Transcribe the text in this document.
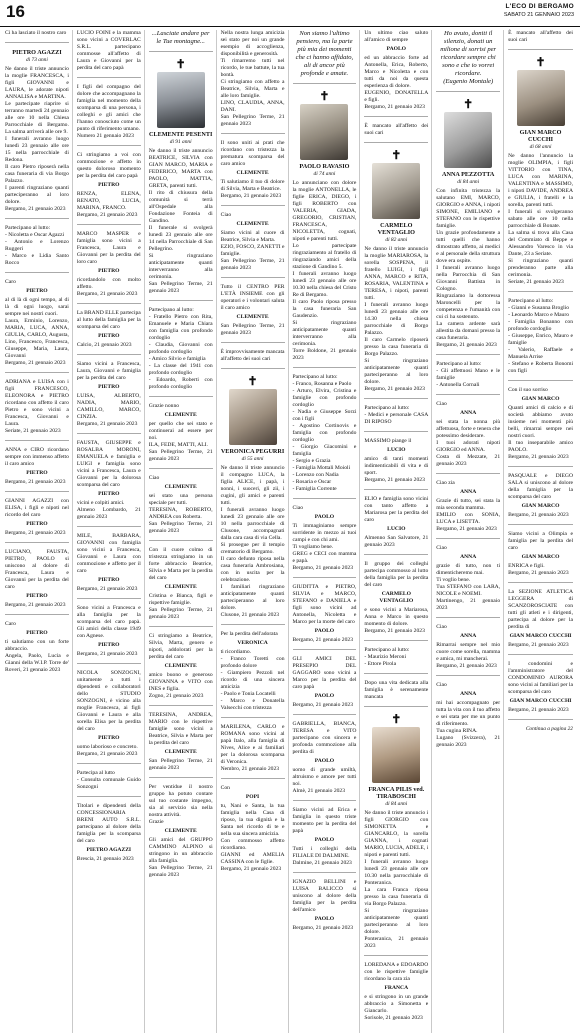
16	L'ECO DI BERGAMO
SABATO 21 GENNAIO 2023
Ci ha lasciato il nostro caro
PIETRO AGAZZI
di 73 anni
Ne danno il triste annuncio la moglie FRANCESCA, i figli GIOVANNI e LAURA, le adorate nipoti ANNALISA e MARTINA.
Le partecipate riaprire si terranno martedì 24 gennaio alle ore 10 nella Chiesa Parrocchiale di Bergamo. La salma arriverà alle ore 9.
I funerali avranno luogo lunedì 23 gennaio alle ore 15 nella parrocchiale di Redona.
Il caro Pietro riposerà nella casa funeraria di via Borgo Palazzo.
I parenti ringraziano quanti parteciperanno al loro dolore.
Bergamo, 21 gennaio 2023
Partecipano al lutto:
- Nicoletta e Oscar Agazzi
- Antonio e Lorenzo Ruggeri
- Marco e Lidia Santo Rocco
Caro
PIETRO
al di là di ogni tempo, al di là di ogni luogo, sarai sempre nei nostri cuori.
Laura, Erminio, Lorenzo, MARIA, LUCA, ANNA, GIULIA, CARLO, Augusta, Lino, Francesco, Francesca, Giuseppe, Maria, Laura, Giovanni
Bergamo, 21 gennaio 2023
ADRIANA e LUISA con i figli FRANCESCO, ELEONORA e PIETRO ricordano con affetto il caro Pietro e sono vicini a Francesca, Giovanni e Laura.
Seriate, 21 gennaio 2023
ANNA e CIRO ricordano sempre con immenso affetto il caro amico
PIETRO
Bergamo, 21 gennaio 2023
GIANNI AGAZZI con ELISA, i figli e nipoti nel ricordo del caro
PIETRO
Bergamo, 21 gennaio 2023
LUCIANO, FAUSTA, PIETRO, PAOLO si uniscono al dolore di Francesca, Laura e Giovanni per la perdita del caro
PIETRO
Bergamo, 21 gennaio 2023
Caro
PIETRO
ti salutiamo con un forte abbraccio.
Angela, Paolo, Lucia e Gianni della W.I.P. Torre de' Roveri, 21 gennaio 2023
LUCIO FOINI e la mamma sono vicini a COVERLAC S.R.L. partecipano commosse all'affetto di Laura e Giovanni per la perdita del caro papà
I figli del compagno del dolore che accompagnano la famiglia nel momento della scomparsa di una persona, i colleghi e gli amici che l'hanno conosciuto come un punto di riferimento umano.
Numero 21 gennaio 2023
Ci stringiamo a voi con commozione e affetto in questo doloroso momento per la perdita del caro papà
PIETRO
RENZA, ELENA, RENATO, LUCIA, MARINA, FRANCO.
Bergamo, 21 gennaio 2023
MARCO MASPER e famiglia sono vicini a Francesca, Laura e Giovanni per la perdita del loro caro
PIETRO
ricordandolo con molto affetto.
Bergamo, 21 gennaio 2023
La BRAND ELLE partecipa al lutto della famiglia per la scomparsa del caro
PIETRO
Calcio, 21 gennaio 2023
Siamo vicini a Francesca, Laura, Giovanni e famiglia per la perdita del caro
PIETRO
LUISA, ALBERTO, NADIA, MARIO, CAMILLO, MARCO, CINZIA.
Bergamo, 21 gennaio 2023
FAUSTA, GIUSEPPE e ROSALBA MORONI, EMANUELA e famiglia e LUIGI e famiglia sono vicini a Francesca, Laura e Giovanni per la dolorosa scomparsa del caro
PIETRO
vicini e colpiti amici.
Almeno Lombardo, 21 gennaio 2023
MILE, BARBARA, GIOVANNI con famiglia sono vicini a Francesca, Giovanni e Laura con commozione e affetto per il caro
PIETRO
Bergamo, 21 gennaio 2023
Sono vicini a Francesca e alla famiglia per la scomparsa del caro papà. Gli amici della classe 1949 con Agnese.
PIETRO
Bergamo, 21 gennaio 2023
NICOLA SONZOGNI, unitamente a tutti i dipendenti e collaboratori dello STUDIO SONZOGNI, è vicino alla moglie Francesca, ai figli Giovanni e Laura e alla sorella Elisa per la perdita del caro
PIETRO
uomo laborioso e concreto.
Bergamo, 21 gennaio 2023
Partecipa al lutto
- Consulta comunale Guido Sonzogni
Titolari e dipendenti della CONCESSIONARIA BRENI AUTO S.R.L. partecipano al dolore della famiglia per la scomparsa del caro
PIETRO AGAZZI
Brescia, 21 gennaio 2023
...Lasciate andare per le Tue montagne...
✝
CLEMENTE PESENTI
di 91 anni
Ne danno il triste annuncio BEATRICE, SILVIA con GIAN MARCO, MARIA e FEDERICO, MARTA con PAOLO, MATTIA, GRETA, parenti tutti.
Il rito di chiusura della comunità si terrà all'Ospedale alla Fondazione Fonteia di Gandino.
Il funerale si svolgerà lunedì 23 gennaio alle ore 14 nella Parrocchiale di San Pellegrino.
Si ringraziano anticipatamente quanti interverranno alla cerimonia.
San Pellegrino Terme, 21 gennaio 2023
Partecipano al lutto:
- Fratello Pietro con Rita, Emanuele e Maria Chiara con famiglia con profondo cordoglio
- Claudia, Giovanni con profondo cordoglio
- Amico Silvio e famiglia
- La classe del 1941 con profondo cordoglio
- Edoardo, Roberti con profondo cordoglio
Grazie nonno
CLEMENTE
per quello che sei stato e continuerai ad essere per noi.
ILA, FEDE, MATTI, ALI.
San Pellegrino Terme, 21 gennaio 2023
Ciao
CLEMENTE
sei stato una persona speciale per tutti.
TERESINA, ROBERTO, ANDREA con Roberta.
San Pellegrino Terme, 21 gennaio 2023
Con il cuore colmo di tristezza stringiamo in un forte abbraccio Beatrice, Silvia e Marta per la perdita del caro
CLEMENTE
Cristina e Bianca, figli e rispettive famiglie.
San Pellegrino Terme, 21 gennaio 2023
Ci stringiamo a Beatrice, Silvia, Marta, genero e nipoti, addolorati per la perdita del caro
CLEMENTE
amico buono e generoso GIOVANNA e VITO con INES e figlia.
Zogno, 21 gennaio 2023
TERESINA, ANDREA, MARIO con le rispettive famiglie sono vicini a Beatrice, Silvia e Marta per la perdita del caro
CLEMENTE
San Pellegrino Terme, 21 gennaio 2023
Per ventidue il nostro gruppo ha potuto contare sul tuo costante impegno, sia al servizio sia nella nostra attività.
Grazie
CLEMENTE
Gli amici del GRUPPO CAMMINO ALPINO si stringono in un abbraccio alla famiglia.
San Pellegrino Terme, 21 gennaio 2023
Nella nostra lunga amicizia sei stato per noi un grande esempio di accoglienza, disponibilità e generosità.
Ti rimarremo tutti nel ricordo, le tue battute, la tua bontà.
Ci stringiamo con affetto a Beatrice, Silvia, Marta e alle loro famiglie.
LINO, CLAUDIA, ANNA, DANI.
San Pellegrino Terme, 21 gennaio 2023
Il sono uniti ai prati che ricordano con tristezza la prematura scomparsa del caro amico
CLEMENTE
Ti salutiamo il tuo di dolore di Silvia, Marta e Beatrice.
Bergamo, 21 gennaio 2023
Ciao
CLEMENTE
Siamo vicini al cuore di Beatrice, Silvia e Marta.
EZIO, FOSCO, ZANETTI e famiglie.
San Pellegrino Terme, 21 gennaio 2023
Tutto il CENTRO PER L'ETÀ INSIEME con gli operatori e i volontari saluta il caro amico
CLEMENTE
San Pellegrino Terme, 21 gennaio 2023
È improvvisamente mancata all'affetto dei suoi cari
✝
VERONICA PEGURRI
di 55 anni
Ne danno il triste annuncio il compagno LUCA, la figlia ALICE, i papà, i nonni, i suoceri, gli zii, i cugini, gli amici e parenti tutti.
I funerali avranno luogo lunedì 23 gennaio alle ore 10 nella parrocchiale di Clusone, accompagnati dalla cara casa di via Cella.
Si prosegue per il tempio crematorio di Bergamo.
Il caro defunto riposa nella casa funeraria Ambrosiana, con in uscita per la celebrazione.
I familiari ringraziano anticipatamente quanti parteciperanno al loro dolore.
Clusone, 21 gennaio 2023
Per la perdita dell'adorata
VERONICA
ti ricordiamo.
- Franco Toretti con profondo dolore
- Giampiero Pezzoli nel ricordo di una sincera amicizia
- Paolo e Tonia Locatelli
- Marco e Donatella Valsecchi con tristezza
MARILENA, CARLO e ROMANA sono vicini al papà Italo, alla famiglia di Nives, Alice e ai familiari per la dolorosa scomparsa di Veronica.
Nembro, 21 gennaio 2023
Con
POPI
tu, Nani e Santa, la tua famiglia nella Casa di riposo, la tua dignità e la Santa nel ricordo di te e nella sua sincera amicizia.
Con commosso affetto ricordiamo.
GIANNI ed AMELIA CASSINA con le figlie.
Bergamo, 21 gennaio 2023
Non siamo l'ultimo pensiero, ma la parte più mia dei momenti che ci hanno affidato, ali di ancor più profonde e amate.
✝
PAOLO RAVASIO
di 74 anni
Lo annunciano con dolore la moglie ANTONELLA, le figlie ERICA, DIEGO, i figli ROBERTO con VALERIA, GIADA, GREGORIO, CRISTIAN, FRANCESCA, NICOLETTA, cognati, nipoti e parenti tutti.
Lo partecipate ringraziamento al fratello di ringraziando amici della stazione di Gandino 5.
I funerali avranno luogo lunedì 23 gennaio alle ore 10.30 nella chiesa del Cristo Re di Bergamo.
Il caro Paolo riposa presso la casa funeraria San Gaudenzio.
Si ringraziano anticipatamente quanti interverranno alla cerimonia.
Torre Boldone, 21 gennaio 2023
Partecipano al lutto:
- Franco, Rosanna e Paolo
- Arturo, Elvira, Cristina e famiglie con profondo cordoglio
- Nadia e Giuseppe Sorzi con i figli
- Agostino Cortinovis e famiglia con profondo cordoglio
- Giorgio Giacomini e famiglia
- Sergio e Grazia
- Famiglia Mottali Moioli
- Lorenzo con Nadia
- Rosaria e Oscar
- Famiglia Corrente
Ciao
PAOLO
Ti immaginiamo sempre sorridente in mezzo ai tuoi campi e con chi ami.
Ti vogliamo bene.
GREG e CECI con mamma e papà.
Bergamo, 21 gennaio 2023
GIUDITTA e PIETRO, SILVIA e MARCO, STEFANO e DANIELA e figli sono vicini ad Antonella, Nicoletta e Marco per la morte del caro
PAOLO
Bergamo, 21 gennaio 2023
GLI AMICI DEL PRESEPIO DEL GAGGARO sono vicini a Marco per la perdita del caro papà
PAOLO
Bergamo, 21 gennaio 2023
GABRIELLA, BIANCA, TERESA e VITO partecipano con sincera e profonda commozione alla perdita di
PAOLO
uomo di grande umiltà, altruismo e amore per tutti noi.
Almè, 21 gennaio 2023
Siamo vicini ad Erica e famiglia in questo triste momento per la perdita del papà
PAOLO
Tutti i colleghi della FILIALE DI DALMINE.
Dalmine, 21 gennaio 2023
IGNAZIO BELLINI e LUISA BALICCO si uniscono al dolore della famiglia per la perdita dell'amico
PAOLO
Bergamo, 21 gennaio 2023
Un ultimo ciao saluto all'amico di sempre
PAOLO
ed un abbraccio forte ad Antonella, Erica, Roberto, Marco e Nicoletta e con tutti da noi da questa esperienza di dolore.
EUGENIO, DONATELLA e figli.
Bergamo, 21 gennaio 2023
È mancato all'affetto dei suoi cari
✝
CARMELO VENTAGLIO
di 82 anni
Ne danno il triste annuncio la moglie MARIAROSA, la sorella SOSPENA, il fratello LUIGI, i figli ANNA, MARCO e RITA, ROSARIA, VALENTINA e TERESA, i nipoti, parenti tutti.
I funerali avranno luogo lunedì 23 gennaio alle ore 14.30 nella chiesa parrocchiale di Borgo Palazzo.
Il caro Carmelo riposerà presso la casa funeraria di Borgo Palazzo.
Si ringraziano anticipatamente quanti parteciperanno al loro dolore.
Bergamo, 21 gennaio 2023
Partecipano al lutto:
- Medici e personale CASA DI RIPOSO
MASSIMO piange il
LUCIO
amico di tanti momenti indimenticabili di vita e di sport.
Bergamo, 21 gennaio 2023
ELIO e famiglia sono vicini con tanto affetto a Mariarosa per la perdita del caro
LUCIO
Almenno San Salvatore, 21 gennaio 2023
Il gruppo dei colleghi partecipa commosso al lutto della famiglia per la perdita del caro
CARMELO VENTAGLIO
e sono vicini a Mariarosa, Anna e Marco in questo momento di dolore.
Bergamo, 21 gennaio 2023
Partecipano al lutto:
- Maurizio Meroni
- Ettore Pirola
Dopo una vita dedicata alla famiglia è serenamente mancata
✝
FRANCA PILIS ved. TIRABOSCHI
di 84 anni
Ne danno il triste annuncio i figli GIORGIO con SIMONETTA e GIANCARLO, la sorella GIANNA, i cognati MARIO, LUCIA, ADELE, i nipoti e parenti tutti.
I funerali avranno luogo lunedì 23 gennaio alle ore 10.30 nella parrocchiale di Ponteranica.
La cara Franca riposa presso la casa funeraria di via Borgo Palazzo.
Si ringraziano anticipatamente quanti parteciperanno al loro dolore.
Ponteranica, 21 gennaio 2023
LOREDANA e EDOARDO con le rispettive famiglie ricordano la cara zia
FRANCA
e si stringono in un grande abbraccio a Simonetta e Giancarlo.
Sorisole, 21 gennaio 2023
Ho avuto, doniti il silenzio, donati un milione di sorrisi per ricordare sempre chi sono e che io vorrei ricordare.
(Eugenio Montale)
✝
ANNA PEZZOTTA
di 84 anni
Con infinita tristezza la salutano EMI, MARCO, GIORGIO e ANNA, i nipoti SIMONE, EMILIANO e STEFANO con le rispettive famiglie.
Un grazie profondamente a tutti quelli che hanno dimostrato affetto, ai medici e al personale della struttura dove era ospite.
I funerali avranno luogo nella Parrocchia di San Giovanni Battista in Cologno.
Ringraziamo la dottoressa Maroncelli per la competenza e l'umanità con cui ci ha sostenuto.
La camera ardente sarà allestita da domani presso la casa funeraria.
Bergamo, 21 gennaio 2023
Partecipano al lutto:
- Gli affettuosi Mano e le famiglie
- Antonella Cornali
Ciao
ANNA
sei stata la nonna più affettuosa, forte e tenera che potessimo desiderare.
I tuoi adorati nipoti GIORGIO ed ANNA.
Costa di Mezzate, 21 gennaio 2023
Ciao zia
ANNA
Grazie di tutto, sei stata la mia seconda mamma.
EMILIO con SONIA, LUCA e LISETTA.
Bergamo, 21 gennaio 2023
Ciao
ANNA
grazie di tutto, non ti dimenticheremo mai.
Ti voglio bene.
Tua STEFANO con LARA, NICOLE e NOEMI.
Martinengo, 21 gennaio 2023
Ciao
ANNA
Rimarrai sempre nel mio cuore come sorella, mamma e amica, mi mancherai.
Bergamo, 21 gennaio 2023
Ciao
ANNA
mi hai accompagnato per tutta la vita con il tuo affetto e sei stata per me un punto di riferimento.
Tua cugina RINA.
Lugano (Svizzera), 21 gennaio 2023
È mancato all'affetto dei suoi cari
✝
GIAN MARCO CUCCHI
di 68 anni
Ne danno l'annuncio la moglie OLIMPIA, i figli VITTORIO con TINA, LUCA con MARINA, VALENTINA e MASSIMO, i nipoti DAVIDE, ANDREA e GIULIA, i fratelli e la sorella, parenti tutti.
I funerali si svolgeranno sabato alle ore 10 nella parrocchiale di Bonate.
La salma si trova alla Casa del Commiato di Beppe e Alessandro Varesco in via Dante, 23 a Seriate.
Si ringraziano quanti prenderanno parte alla cerimonia.
Seriate, 21 gennaio 2023
Partecipano al lutto:
- Gianni e Susanna Broglio
- Leonardo Marco e Mauro
- Famiglia Bonanno con profondo cordoglio
- Giuseppe, Enrico, Mauro e famiglie
- Valerio, Raffaele e Manuela Arrise
- Stefano e Roberta Bonomi con figli
Con il suo sorriso
GIAN MARCO
Quanti amici di calcio e di società abbiamo avuto insieme nei momenti più belli, rimarrai sempre nei nostri cuori.
Il tuo inseparabile amico PAOLO.
Bergamo, 21 gennaio 2023
PASQUALE e DIEGO SALA si uniscono al dolore della famiglia per la scomparsa del caro
GIAN MARCO
Bergamo, 21 gennaio 2023
Siamo vicini a Olimpia e famiglia per la perdita del caro
GIAN MARCO
ENRICA e figli.
Bergamo, 21 gennaio 2023
La SEZIONE ATLETICA LEGGERA di SCANZOROSCIATE con tutti gli atleti e i dirigenti, partecipa al dolore per la perdita di
GIAN MARCO CUCCHI
Bergamo, 21 gennaio 2023
I condomini e l'amministratore del CONDOMINIO AURORA sono vicini ai familiari per la scomparsa del caro
GIAN MARCO CUCCHI
Bergamo, 21 gennaio 2023
Continua a pagina 22
